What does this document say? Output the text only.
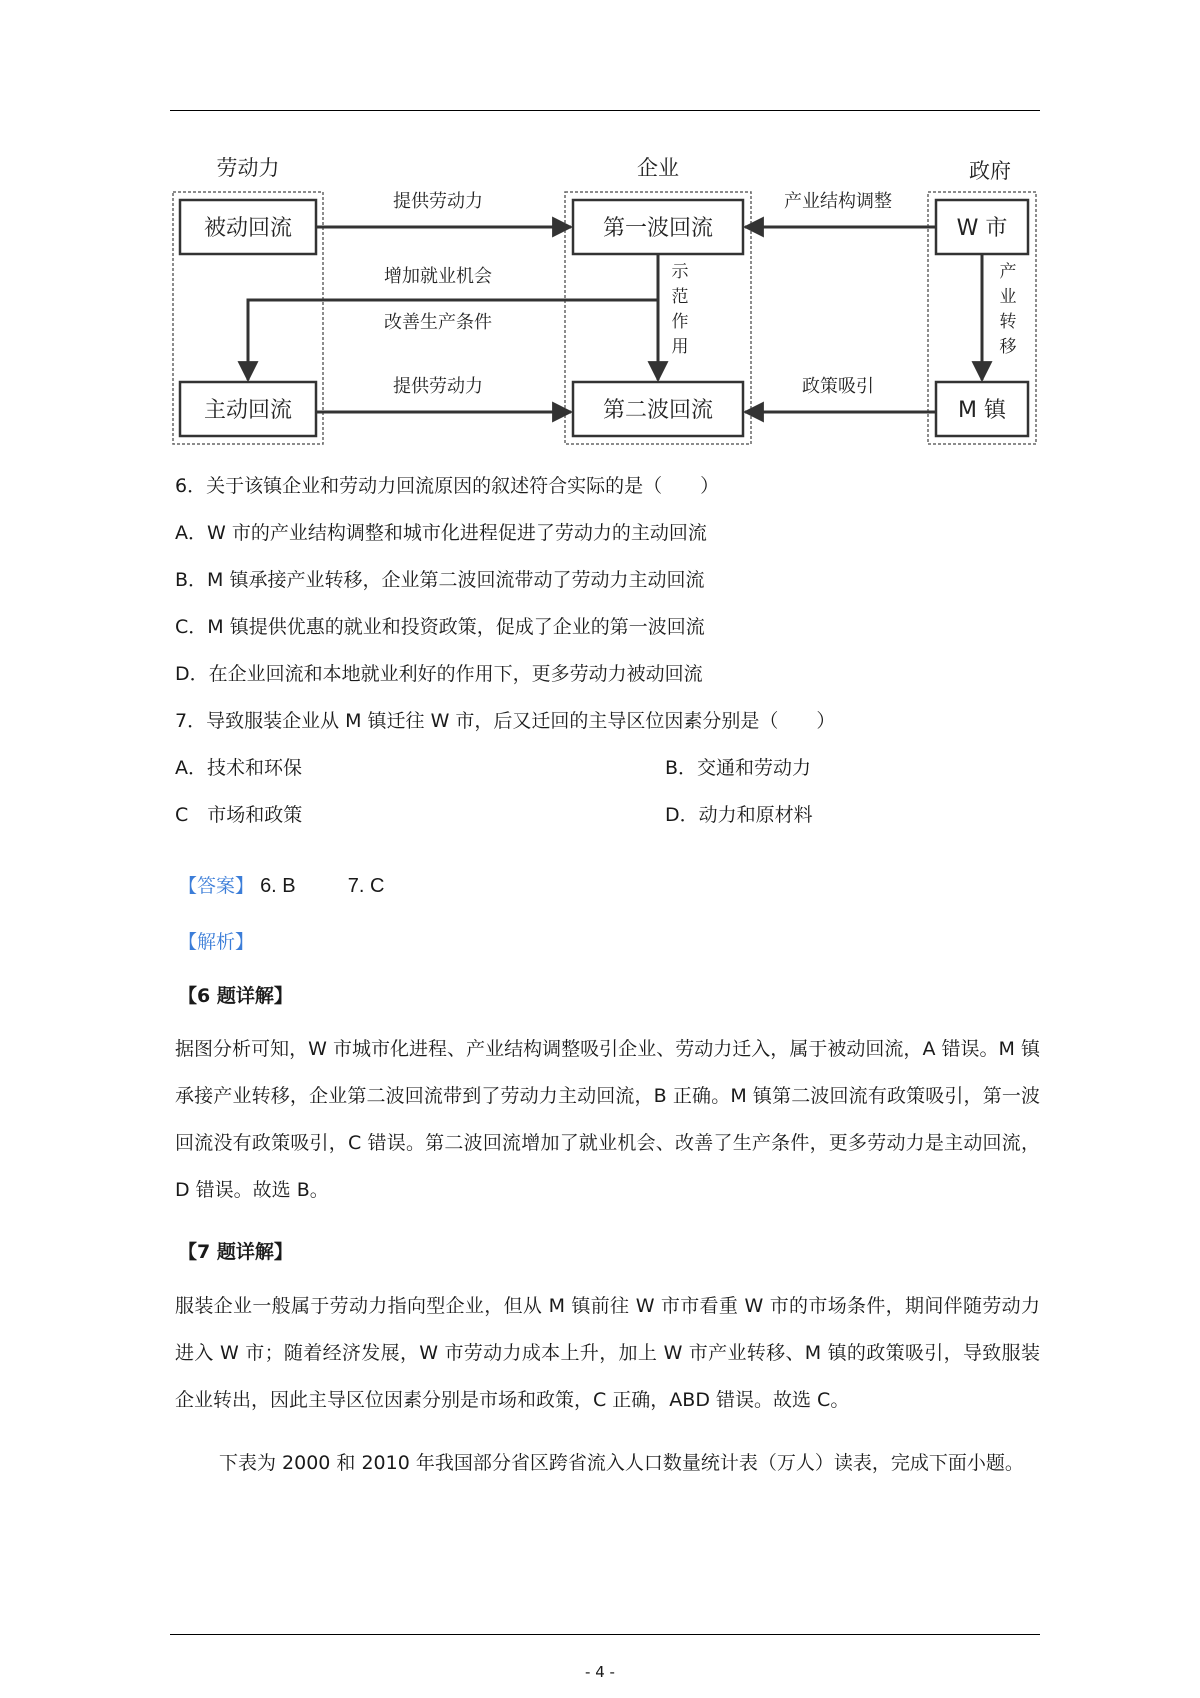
劳动力	企业	政府
被动回流
主动回流
第一波回流
第二波回流
W 市
M 镇
提供劳动力
提供劳动力
增加就业机会
改善生产条件
示
范
作
用
产业结构调整
政策吸引
产
业
转
移
6．关于该镇企业和劳动力回流原因的叙述符合实际的是（　　）
A．W 市的产业结构调整和城市化进程促进了劳动力的主动回流
B．M 镇承接产业转移，企业第二波回流带动了劳动力主动回流
C．M 镇提供优惠的就业和投资政策，促成了企业的第一波回流
D．在企业回流和本地就业利好的作用下，更多劳动力被动回流
7．导致服装企业从 M 镇迁往 W 市，后又迁回的主导区位因素分别是（　　）
A．技术和环保	B．交通和劳动力
C　市场和政策	D．动力和原材料
【答案】 6. B	7. C
【解析】
【6 题详解】
据图分析可知，W 市城市化进程、产业结构调整吸引企业、劳动力迁入，属于被动回流，A 错误。M 镇承接产业转移，企业第二波回流带到了劳动力主动回流，B 正确。M 镇第二波回流有政策吸引，第一波回流没有政策吸引，C 错误。第二波回流增加了就业机会、改善了生产条件，更多劳动力是主动回流，D 错误。故选 B。
【7 题详解】
服装企业一般属于劳动力指向型企业，但从 M 镇前往 W 市市看重 W 市的市场条件，期间伴随劳动力进入 W 市；随着经济发展，W 市劳动力成本上升，加上 W 市产业转移、M 镇的政策吸引，导致服装企业转出，因此主导区位因素分别是市场和政策，C 正确，ABD 错误。故选 C。
下表为 2000 和 2010 年我国部分省区跨省流入人口数量统计表（万人）读表，完成下面小题。
- 4 -
